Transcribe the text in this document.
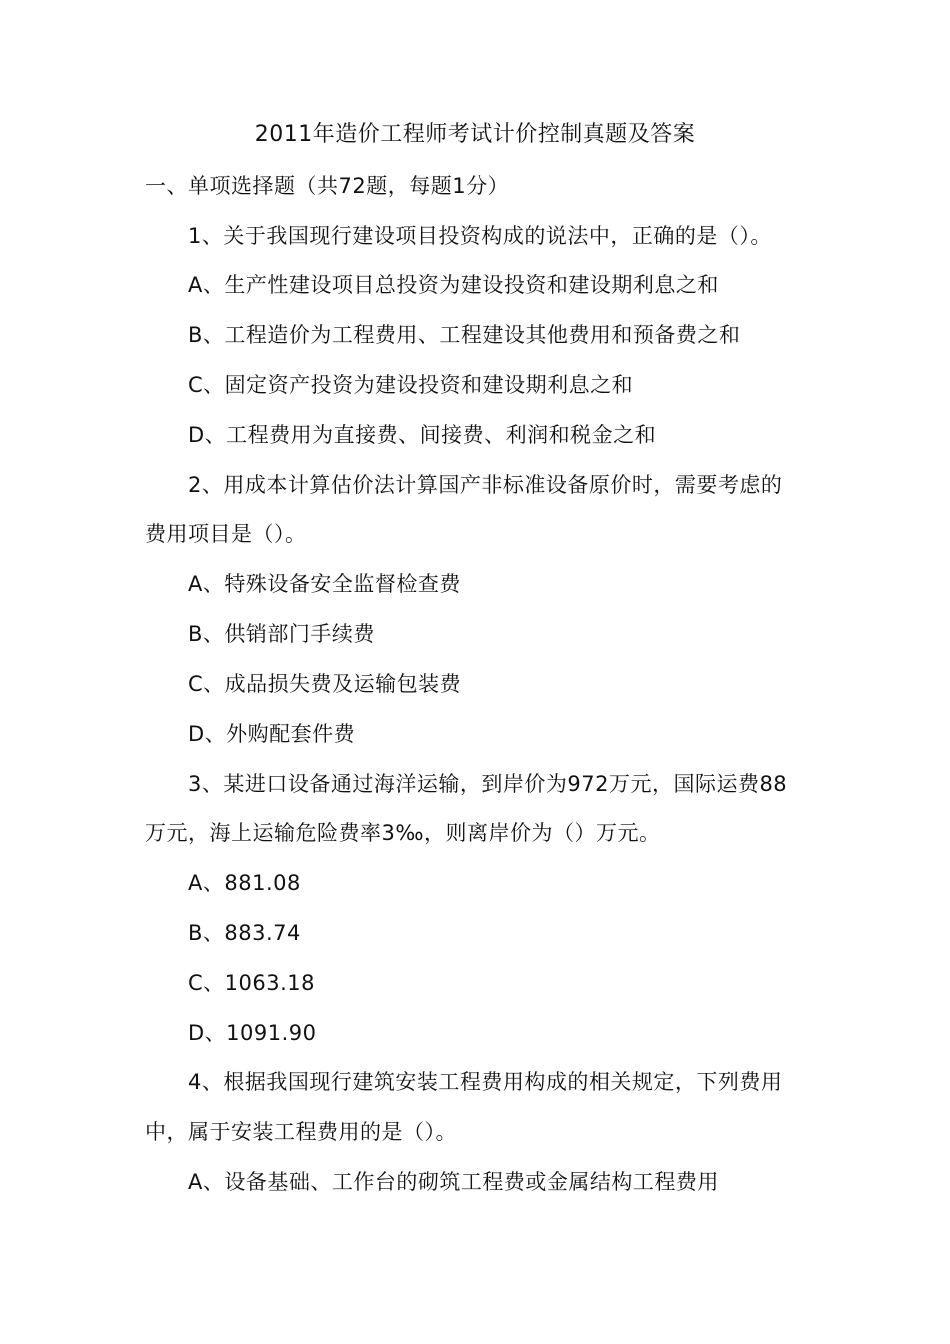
2011年造价工程师考试计价控制真题及答案
一、单项选择题（共72题，每题1分）
1、关于我国现行建设项目投资构成的说法中，正确的是（）。
A、生产性建设项目总投资为建设投资和建设期利息之和
B、工程造价为工程费用、工程建设其他费用和预备费之和
C、固定资产投资为建设投资和建设期利息之和
D、工程费用为直接费、间接费、利润和税金之和
2、用成本计算估价法计算国产非标准设备原价时，需要考虑的
费用项目是（）。
A、特殊设备安全监督检查费
B、供销部门手续费
C、成品损失费及运输包装费
D、外购配套件费
3、某进口设备通过海洋运输，到岸价为972万元，国际运费88
万元，海上运输危险费率3‰，则离岸价为（）万元。
A、881.08
B、883.74
C、1063.18
D、1091.90
4、根据我国现行建筑安装工程费用构成的相关规定，下列费用
中，属于安装工程费用的是（）。
A、设备基础、工作台的砌筑工程费或金属结构工程费用
